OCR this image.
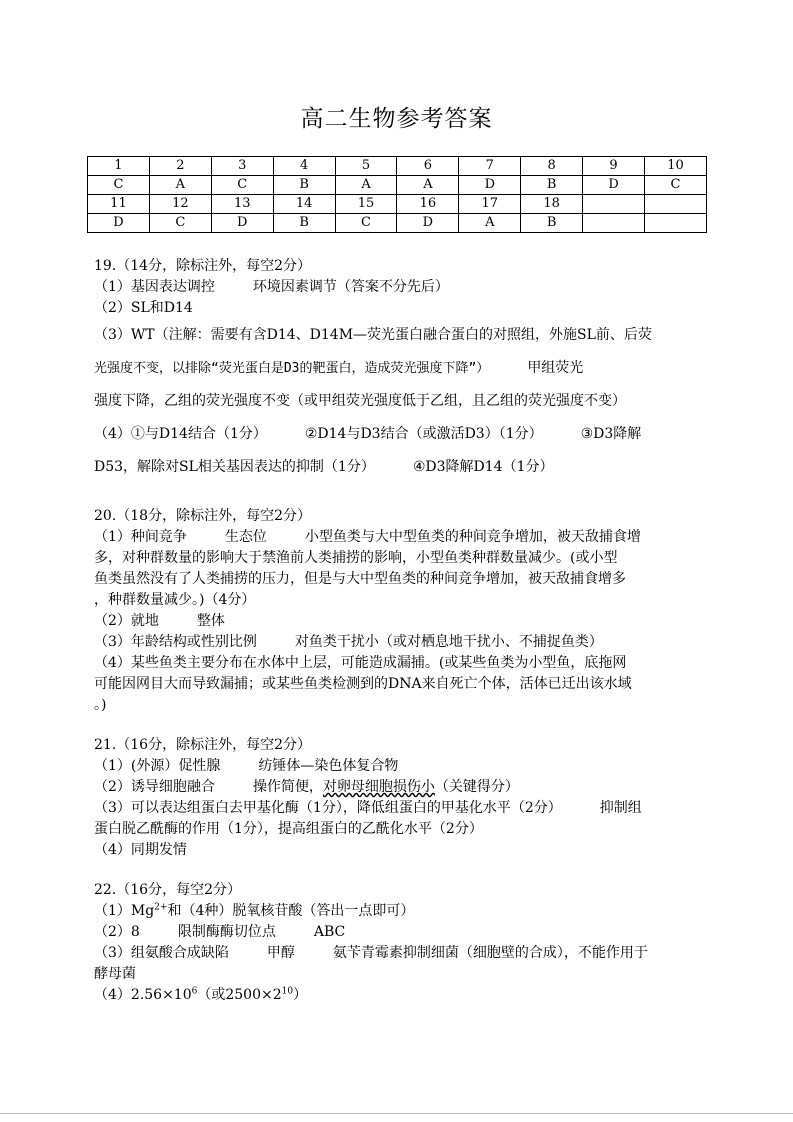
高二生物参考答案
1	2	3	4	5	6	7	8	9	10
C	A	C	B	A	A	D	B	D	C
11	12	13	14	15	16	17	18		
D	C	D	B	C	D	A	B		

19.（14分，除标注外，每空2分）

（1）基因表达调控	环境因素调节（答案不分先后）

（2）SL和D14

（3）WT（注解：需要有含D14、D14M—荧光蛋白融合蛋白的对照组，外施SL前、后荧

光强度不变，以排除“荧光蛋白是D3的靶蛋白，造成荧光强度下降”）	甲组荧光

强度下降，乙组的荧光强度不变（或甲组荧光强度低于乙组，且乙组的荧光强度不变）

（4）①与D14结合（1分）	②D14与D3结合（或激活D3）（1分）	③D3降解

D53，解除对SL相关基因表达的抑制（1分）	④D3降解D14（1分）

20.（18分，除标注外，每空2分）

（1）种间竞争	生态位	小型鱼类与大中型鱼类的种间竞争增加，被天敌捕食增

多，对种群数量的影响大于禁渔前人类捕捞的影响，小型鱼类种群数量减少。(或小型

鱼类虽然没有了人类捕捞的压力，但是与大中型鱼类的种间竞争增加，被天敌捕食增多

，种群数量减少。)（4分）

（2）就地	整体

（3）年龄结构或性别比例	对鱼类干扰小（或对栖息地干扰小、不捕捉鱼类）

（4）某些鱼类主要分布在水体中上层，可能造成漏捕。(或某些鱼类为小型鱼，底拖网

可能因网目大而导致漏捕；或某些鱼类检测到的DNA来自死亡个体，活体已迁出该水域

。)

21.（16分，除标注外，每空2分）

（1）(外源）促性腺	纺锤体—染色体复合物

（2）诱导细胞融合	操作简便，对卵母细胞损伤小（关键得分）

（3）可以表达组蛋白去甲基化酶（1分），降低组蛋白的甲基化水平（2分）	抑制组

蛋白脱乙酰酶的作用（1分），提高组蛋白的乙酰化水平（2分）

（4）同期发情

22.（16分，每空2分）

$(1)Mg^{2+}$和（4种）脱氧核苷酸（答出一点即可）

（2）8	限制酶酶切位点	ABC

（3）组氨酸合成缺陷	甲醇	氨苄青霉素抑制细菌（细胞壁的合成），不能作用于

酵母菌

$(4)2.56\times 10^6$（或$2500\times 2^{10}$）
